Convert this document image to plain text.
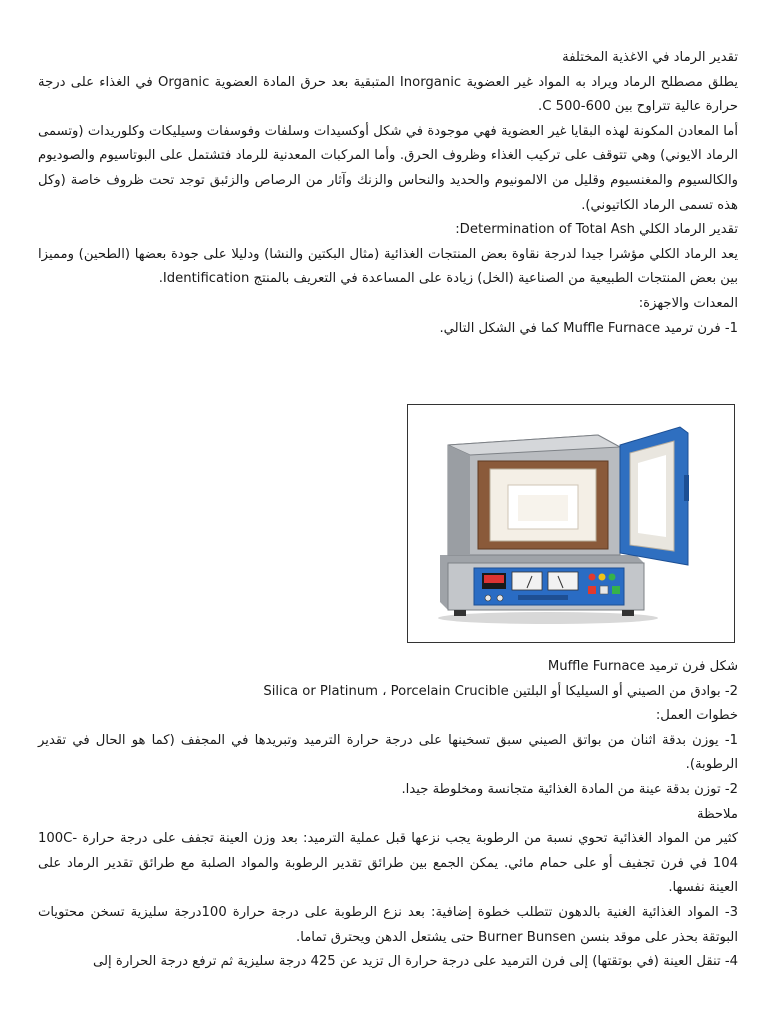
تقدير الرماد في الاغذية المختلفة

يطلق مصطلح الرماد ويراد به المواد غير العضوية Inorganic المتبقية بعد حرق المادة العضوية Organic في الغذاء على درجة حرارة عالية تتراوح بين 600-500 C.

أما المعادن المكونة لهذه البقايا غير العضوية فهي موجودة في شكل أوكسيدات وسلفات وفوسفات وسيليكات وكلوريدات (وتسمى الرماد الايوني) وهي تتوقف على تركيب الغذاء وظروف الحرق. وأما المركبات المعدنية للرماد فتشتمل على البوتاسيوم والصوديوم والكالسيوم والمغنسيوم وقليل من الالمونيوم والحديد والنحاس والزنك وآثار من الرصاص والزئبق توجد تحت ظروف خاصة (وكل هذه تسمى الرماد الكاتيوني).

تقدير الرماد الكلي Determination of Total Ash:

يعد الرماد الكلي مؤشرا جيدا لدرجة نقاوة بعض المنتجات الغذائية (مثال البكتين والنشا) ودليلا على جودة بعضها (الطحين) ومميزا بين بعض المنتجات الطبيعية من الصناعية (الخل) زيادة على المساعدة في التعريف بالمنتج Identification.

المعدات والاجهزة:

1- فرن ترميد Muffle Furnace كما في الشكل التالي.

شكل فرن ترميد Muffle Furnace

2- بوادق من الصيني أو السيليكا أو البلتين Silica or Platinum ، Porcelain Crucible

خطوات العمل:

1- يوزن بدقة اثنان من بواتق الصيني سبق تسخينها على درجة حرارة الترميد وتبريدها في المجفف (كما هو الحال في تقدير الرطوبة).

2- توزن بدقة عينة من المادة الغذائية متجانسة ومخلوطة جيدا.

ملاحظة

كثير من المواد الغذائية تحوي نسبة من الرطوبة يجب نزعها قبل عملية الترميد: بعد وزن العينة تجفف على درجة حرارة 100C-104 في فرن تجفيف أو على حمام مائي. يمكن الجمع بين طرائق تقدير الرطوبة والمواد الصلبة مع طرائق تقدير الرماد على العينة نفسها.

3- المواد الغذائية الغنية بالدهون تتطلب خطوة إضافية: بعد نزع الرطوبة على درجة حرارة 100درجة سليزية تسخن محتويات البوتقة بحذر على موقد بنسن Burner Bunsen حتى يشتعل الدهن ويحترق تماما.

4- تنقل العينة (في بوتقتها) إلى فرن الترميد على درجة حرارة ال تزيد عن 425 درجة سليزية ثم ترفع درجة الحرارة إلى
